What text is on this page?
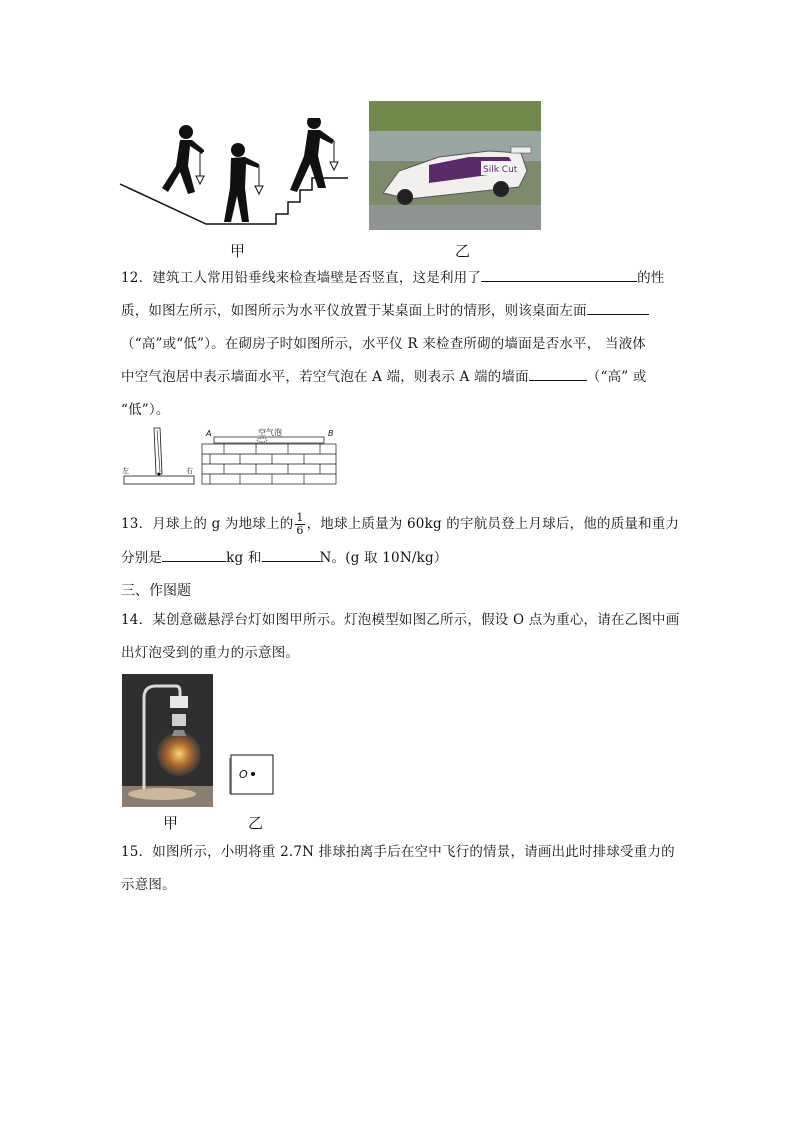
Silk Cut
甲	乙
12．建筑工人常用铅垂线来检查墙壁是否竖直，这是利用了	的性
质，如图左所示，如图所示为水平仪放置于某桌面上时的情形，则该桌面左面
（“高”或“低”）。在砌房子时如图所示，水平仪 R 来检查所砌的墙面是否水平， 当液体
中空气泡居中表示墙面水平，若空气泡在 A 端，则表示 A 端的墙面	（“高” 或
“低”）。
左	右
A	B
空气泡
13．月球上的 g 为地球上的 $\frac{1}{6}$ ，地球上质量为 60kg 的宇航员登上月球后，他的质量和重力
分别是	kg 和	N。(g 取 10N/kg）
三、作图题
14．某创意磁悬浮台灯如图甲所示。灯泡模型如图乙所示，假设 O 点为重心，请在乙图中画
出灯泡受到的重力的示意图。
O
甲	乙
15．如图所示，小明将重 2.7N 排球拍离手后在空中飞行的情景，请画出此时排球受重力的
示意图。
